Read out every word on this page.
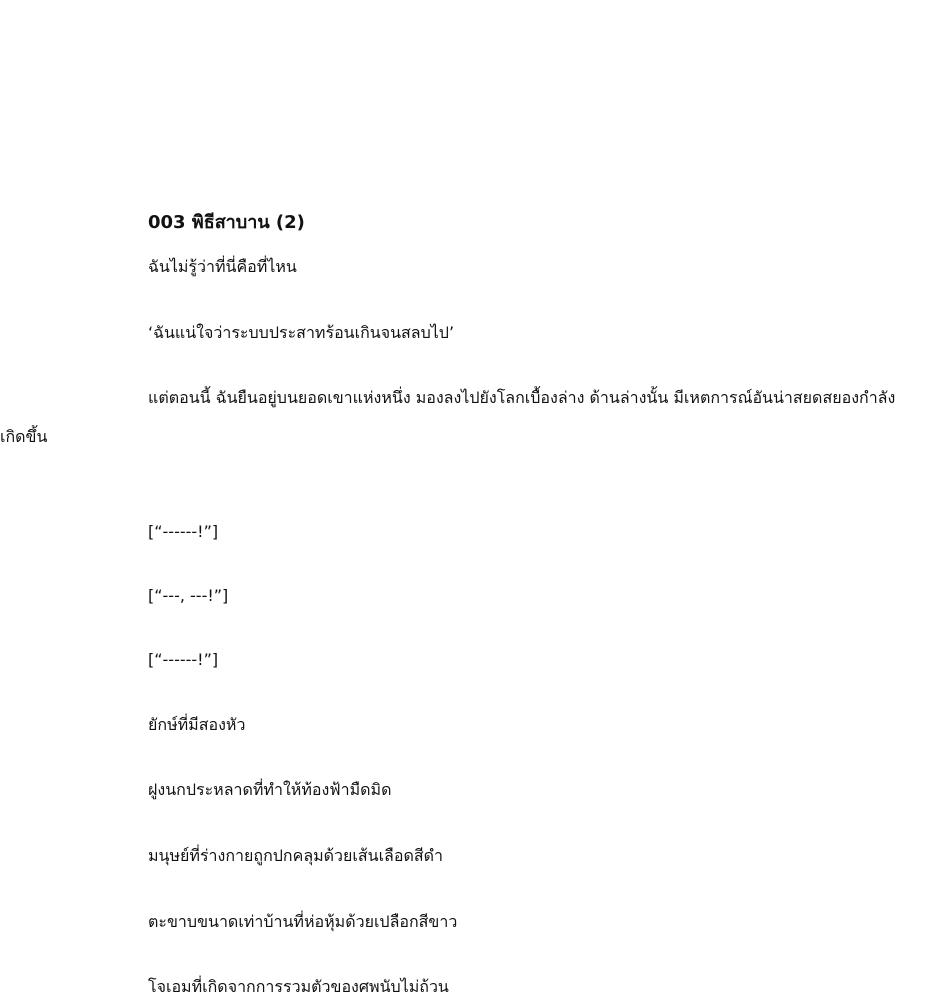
003 พิธีสาบาน (2)
ฉันไม่รู้ว่าที่นี่คือที่ไหน
‘ฉันแน่ใจว่าระบบประสาทร้อนเกินจนสลบไป’
แต่ตอนนี้ ฉันยืนอยู่บนยอดเขาแห่งหนึ่ง มองลงไปยังโลกเบื้องล่าง ด้านล่างนั้น มีเหตการณ์อันน่าสยดสยองกำลังเกิดขึ้น
[“------!”]
[“---, ---!”]
[“------!”]
ยักษ์ที่มีสองหัว
ฝูงนกประหลาดที่ทำให้ท้องฟ้ามืดมิด
มนุษย์ที่ร่างกายถูกปกคลุมด้วยเส้นเลือดสีดำ
ตะขาบขนาดเท่าบ้านที่ห่อหุ้มด้วยเปลือกสีขาว
โจเอมที่เกิดจากการรวมตัวของศพนับไม่ถ้วน
